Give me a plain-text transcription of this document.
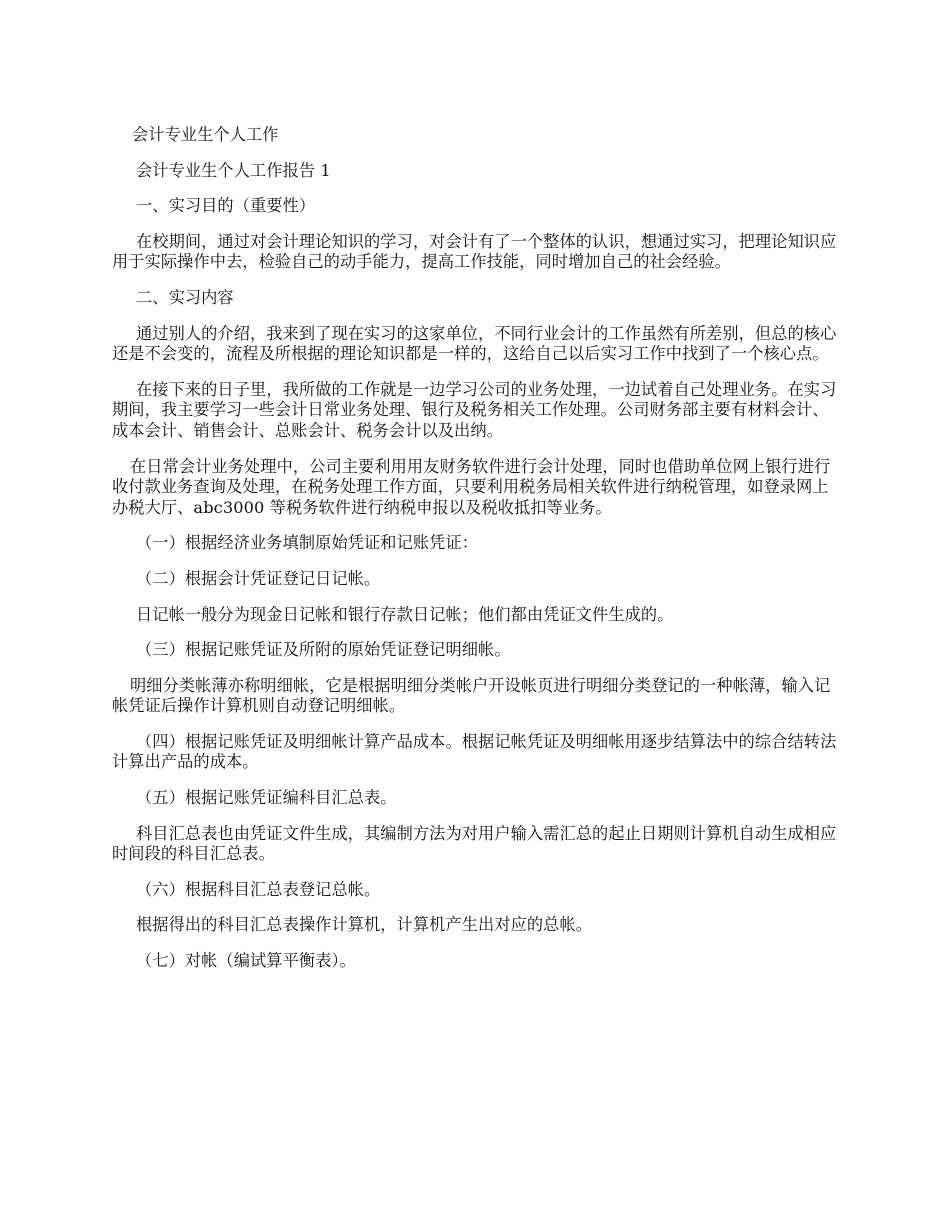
会计专业生个人工作

会计专业生个人工作报告 1

一、实习目的（重要性）

在校期间，通过对会计理论知识的学习，对会计有了一个整体的认识，想通过实习，把理论知识应用于实际操作中去，检验自己的动手能力，提高工作技能，同时增加自己的社会经验。

二、实习内容

通过别人的介绍，我来到了现在实习的这家单位，不同行业会计的工作虽然有所差别，但总的核心还是不会变的，流程及所根据的理论知识都是一样的，这给自己以后实习工作中找到了一个核心点。

在接下来的日子里，我所做的工作就是一边学习公司的业务处理，一边试着自己处理业务。在实习期间，我主要学习一些会计日常业务处理、银行及税务相关工作处理。公司财务部主要有材料会计、成本会计、销售会计、总账会计、税务会计以及出纳。

在日常会计业务处理中，公司主要利用用友财务软件进行会计处理，同时也借助单位网上银行进行收付款业务查询及处理，在税务处理工作方面，只要利用税务局相关软件进行纳税管理，如登录网上办税大厅、abc3000 等税务软件进行纳税申报以及税收抵扣等业务。

（一）根据经济业务填制原始凭证和记账凭证：

（二）根据会计凭证登记日记帐。

日记帐一般分为现金日记帐和银行存款日记帐；他们都由凭证文件生成的。

（三）根据记账凭证及所附的原始凭证登记明细帐。

明细分类帐薄亦称明细帐，它是根据明细分类帐户开设帐页进行明细分类登记的一种帐薄，输入记帐凭证后操作计算机则自动登记明细帐。

（四）根据记账凭证及明细帐计算产品成本。根据记帐凭证及明细帐用逐步结算法中的综合结转法计算出产品的成本。

（五）根据记账凭证编科目汇总表。

科目汇总表也由凭证文件生成，其编制方法为对用户输入需汇总的起止日期则计算机自动生成相应时间段的科目汇总表。

（六）根据科目汇总表登记总帐。

根据得出的科目汇总表操作计算机，计算机产生出对应的总帐。

（七）对帐（编试算平衡表）。
